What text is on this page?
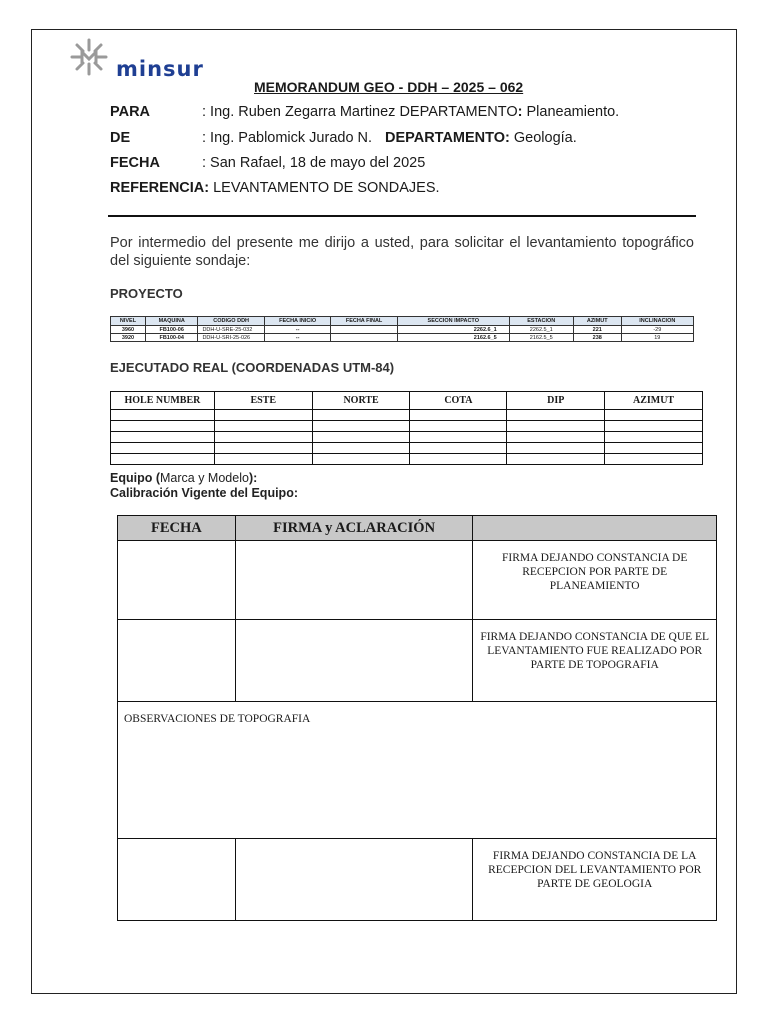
minsur
MEMORANDUM GEO - DDH – 2025 – 062
PARA	: Ing. Ruben Zegarra Martinez DEPARTAMENTO: Planeamiento.
DE	: Ing. Pablomick Jurado N. DEPARTAMENTO: Geología.
FECHA	: San Rafael, 18 de mayo del 2025
REFERENCIA: LEVANTAMENTO DE SONDAJES.
Por intermedio del presente me dirijo a usted, para solicitar el levantamiento topográfico del siguiente sondaje:
PROYECTO
NIVEL	MAQUINA	CODIGO DDH	FECHA INICIO	FECHA FINAL	SECCION IMPACTO	ESTACION	AZIMUT	INCLINACION
3960	FB100-06	DDH-U-SRE-25-032	--		2262.6_1	2262.5_1	221	-29
3920	FB100-04	DDH-U-SRI-25-026	--		2162.6_5	2162.5_5	238	19
EJECUTADO REAL (COORDENADAS UTM-84)
HOLE NUMBER	ESTE	NORTE	COTA	DIP	AZIMUT

Equipo (Marca y Modelo):
Calibración Vigente del Equipo:
FECHA	FIRMA y ACLARACIÓN	
		FIRMA DEJANDO CONSTANCIA DE RECEPCION POR PARTE DE PLANEAMIENTO
		FIRMA DEJANDO CONSTANCIA DE QUE EL LEVANTAMIENTO FUE REALIZADO POR PARTE DE TOPOGRAFIA
OBSERVACIONES DE TOPOGRAFIA		
		FIRMA DEJANDO CONSTANCIA DE LA RECEPCION DEL LEVANTAMIENTO POR PARTE DE GEOLOGIA
